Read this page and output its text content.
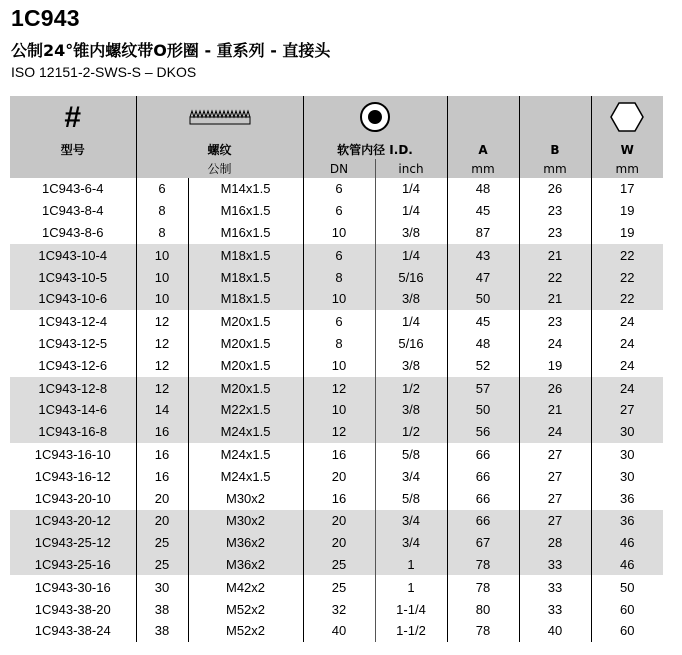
1C943
公制24°锥内螺纹带O形圈 - 重系列 - 直接头
ISO 12151-2-SWS-S – DKOS
#					
型号	螺纹		软管内径 I.D.		A	B	W
	公制		DN	inch	mm	mm	mm
1C943-6-4	6	M14x1.5	6	1/4	48	26	17
1C943-8-4	8	M16x1.5	6	1/4	45	23	19
1C943-8-6	8	M16x1.5	10	3/8	87	23	19
1C943-10-4	10	M18x1.5	6	1/4	43	21	22
1C943-10-5	10	M18x1.5	8	5/16	47	22	22
1C943-10-6	10	M18x1.5	10	3/8	50	21	22
1C943-12-4	12	M20x1.5	6	1/4	45	23	24
1C943-12-5	12	M20x1.5	8	5/16	48	24	24
1C943-12-6	12	M20x1.5	10	3/8	52	19	24
1C943-12-8	12	M20x1.5	12	1/2	57	26	24
1C943-14-6	14	M22x1.5	10	3/8	50	21	27
1C943-16-8	16	M24x1.5	12	1/2	56	24	30
1C943-16-10	16	M24x1.5	16	5/8	66	27	30
1C943-16-12	16	M24x1.5	20	3/4	66	27	30
1C943-20-10	20	M30x2	16	5/8	66	27	36
1C943-20-12	20	M30x2	20	3/4	66	27	36
1C943-25-12	25	M36x2	20	3/4	67	28	46
1C943-25-16	25	M36x2	25	1	78	33	46
1C943-30-16	30	M42x2	25	1	78	33	50
1C943-38-20	38	M52x2	32	1-1/4	80	33	60
1C943-38-24	38	M52x2	40	1-1/2	78	40	60
